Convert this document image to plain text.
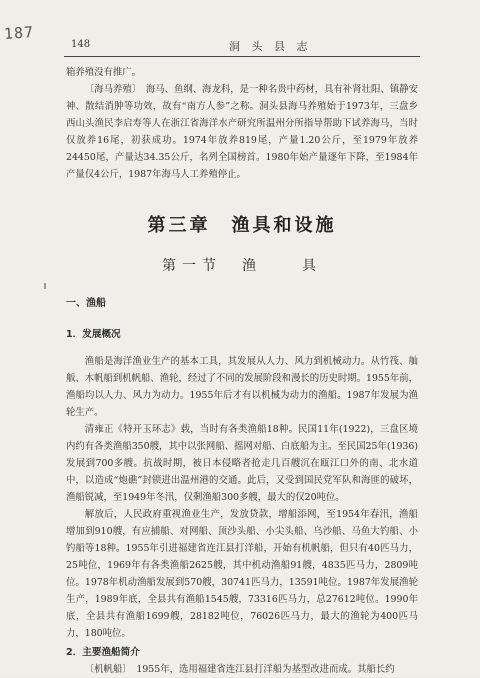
187
148	洞 头 县 志

箱养殖没有推广。

〔海马养殖〕　 海马、鱼纲、海龙科，是一种名贵中药材，具有补肾壮阳、镇静安神、散结消肿等功效，故有“南方人参”之称。洞头县海马养殖始于1973年，三盘乡西山头渔民李启寿等人在浙江省海洋水产研究所温州分所指导帮助下试养海马，当时仅放养16尾，初获成功。1974年放养819尾，产量1.20公斤，至1979年放养24450尾，产量达34.35公斤，名列全国榜首。1980年始产量逐年下降，至1984年产量仅4公斤，1987年海马人工养殖停止。

第三章　渔具和设施
第一节　渔　　具
一、渔船
1．发展概况

渔船是海洋渔业生产的基本工具，其发展从人力、风力到机械动力。从竹筏、舢舨、木帆船到机帆船、渔轮，经过了不同的发展阶段和漫长的历史时期。1955年前，渔船均以人力、风力为动力。1955年后才有以机械为动力的渔船。1987年发展为渔轮生产。

清雍正《特开玉环志》载，当时有各类渔船18种。民国11年(1922)，三盘区境内约有各类渔船350艘，其中以张网船、摇网对船、白底船为主。至民国25年(1936)发展到700多艘。抗战时期，被日本侵略者抢走几百艘沉在瓯江口外的南、北水道中，以造成“炮礁”封锁进出温州港的交通。此后，又受到国民党军队和海匪的破坏，渔船锐减，至1949年冬汛，仅剩渔船300多艘，最大的仅20吨位。

解放后，人民政府重视渔业生产，发放贷款，增船添网，至1954年春汛，渔船增加到910艘，有应捕船、对网船、顶沙头船、小尖头船、乌沙船、马鱼大钓船、小钓船等18种。1955年引进福建省连江县打洋船，开始有机帆船，但只有40匹马力，25吨位，1969年有各类渔船2625艘，其中机动渔船91艘，4835匹马力，2809吨位。1978年机动渔船发展到570艘，30741匹马力，13591吨位。1987年发展渔轮生产，1989年底，全县共有渔船1545艘，73316匹马力，总27612吨位。1990年底，全县共有渔船1699艘，28182吨位，76026匹马力，最大的渔轮为400匹马力，180吨位。

2．主要渔船简介

〔机帆船〕　 1955年，选用福建省连江县打洋船为基型改进而成。其船长约
